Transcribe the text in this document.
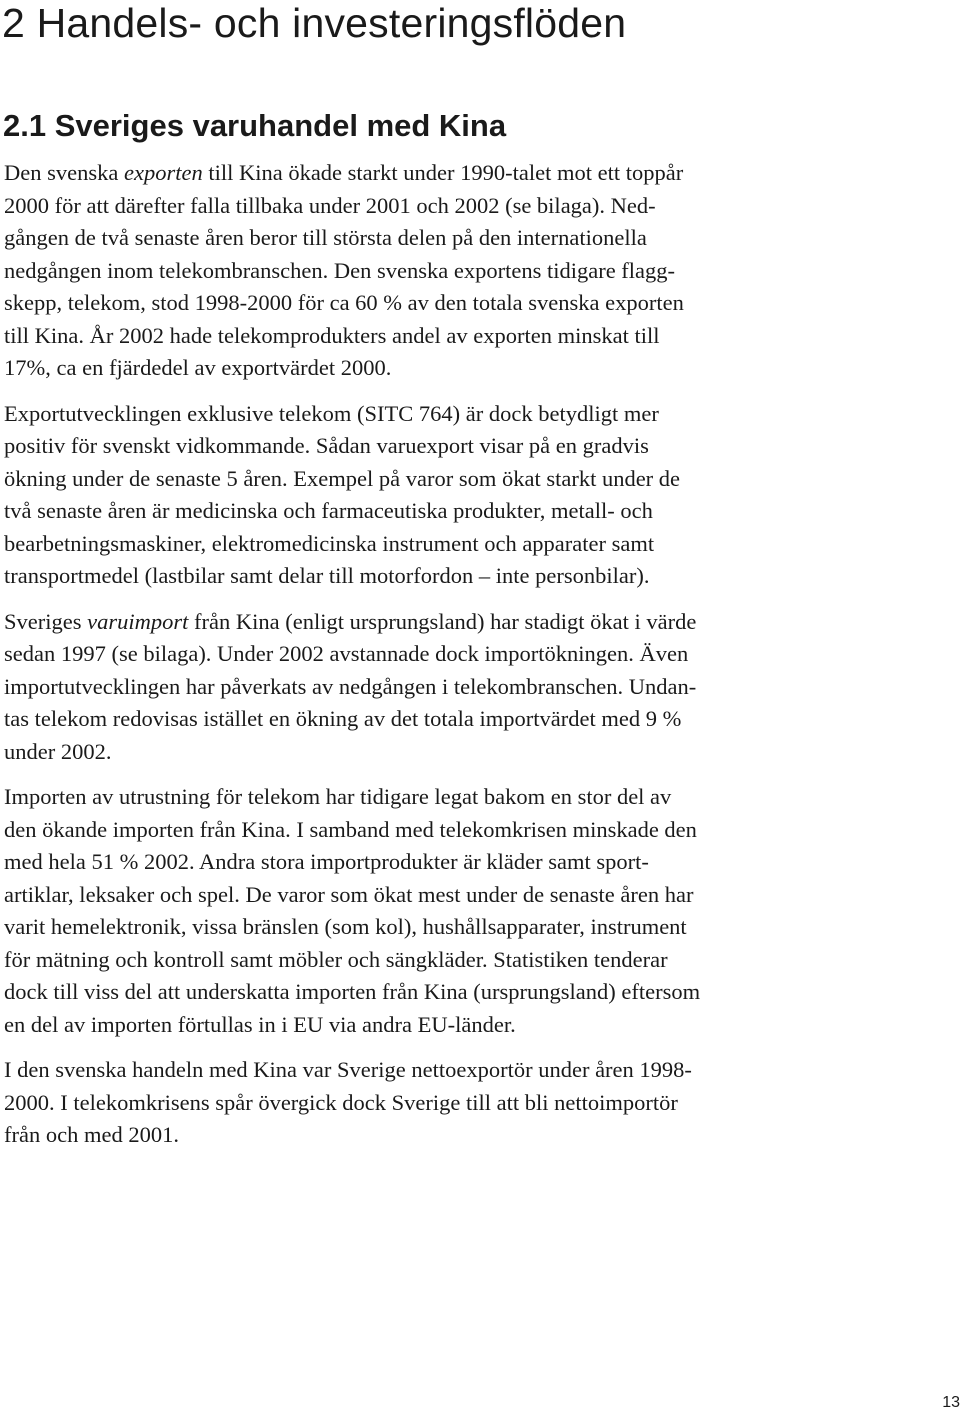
2 Handels- och investeringsflöden
2.1 Sveriges varuhandel med Kina

Den svenska exporten till Kina ökade starkt under 1990-talet mot ett toppår
2000 för att därefter falla tillbaka under 2001 och 2002 (se bilaga). Ned-
gången de två senaste åren beror till största delen på den internationella
nedgången inom telekombranschen. Den svenska exportens tidigare flagg-
skepp, telekom, stod 1998-2000 för ca 60 % av den totala svenska exporten
till Kina. År 2002 hade telekomprodukters andel av exporten minskat till
17%, ca en fjärdedel av exportvärdet 2000.

Exportutvecklingen exklusive telekom (SITC 764) är dock betydligt mer
positiv för svenskt vidkommande. Sådan varuexport visar på en gradvis
ökning under de senaste 5 åren. Exempel på varor som ökat starkt under de
två senaste åren är medicinska och farmaceutiska produkter, metall- och
bearbetningsmaskiner, elektromedicinska instrument och apparater samt
transportmedel (lastbilar samt delar till motorfordon – inte personbilar).

Sveriges varuimport från Kina (enligt ursprungsland) har stadigt ökat i värde
sedan 1997 (se bilaga). Under 2002 avstannade dock importökningen. Även
importutvecklingen har påverkats av nedgången i telekombranschen. Undan-
tas telekom redovisas istället en ökning av det totala importvärdet med 9 %
under 2002.

Importen av utrustning för telekom har tidigare legat bakom en stor del av
den ökande importen från Kina. I samband med telekomkrisen minskade den
med hela 51 % 2002. Andra stora importprodukter är kläder samt sport-
artiklar, leksaker och spel. De varor som ökat mest under de senaste åren har
varit hemelektronik, vissa bränslen (som kol), hushållsapparater, instrument
för mätning och kontroll samt möbler och sängkläder. Statistiken tenderar
dock till viss del att underskatta importen från Kina (ursprungsland) eftersom
en del av importen förtullas in i EU via andra EU-länder.

I den svenska handeln med Kina var Sverige nettoexportör under åren 1998-
2000. I telekomkrisens spår övergick dock Sverige till att bli nettoimportör
från och med 2001.

13
